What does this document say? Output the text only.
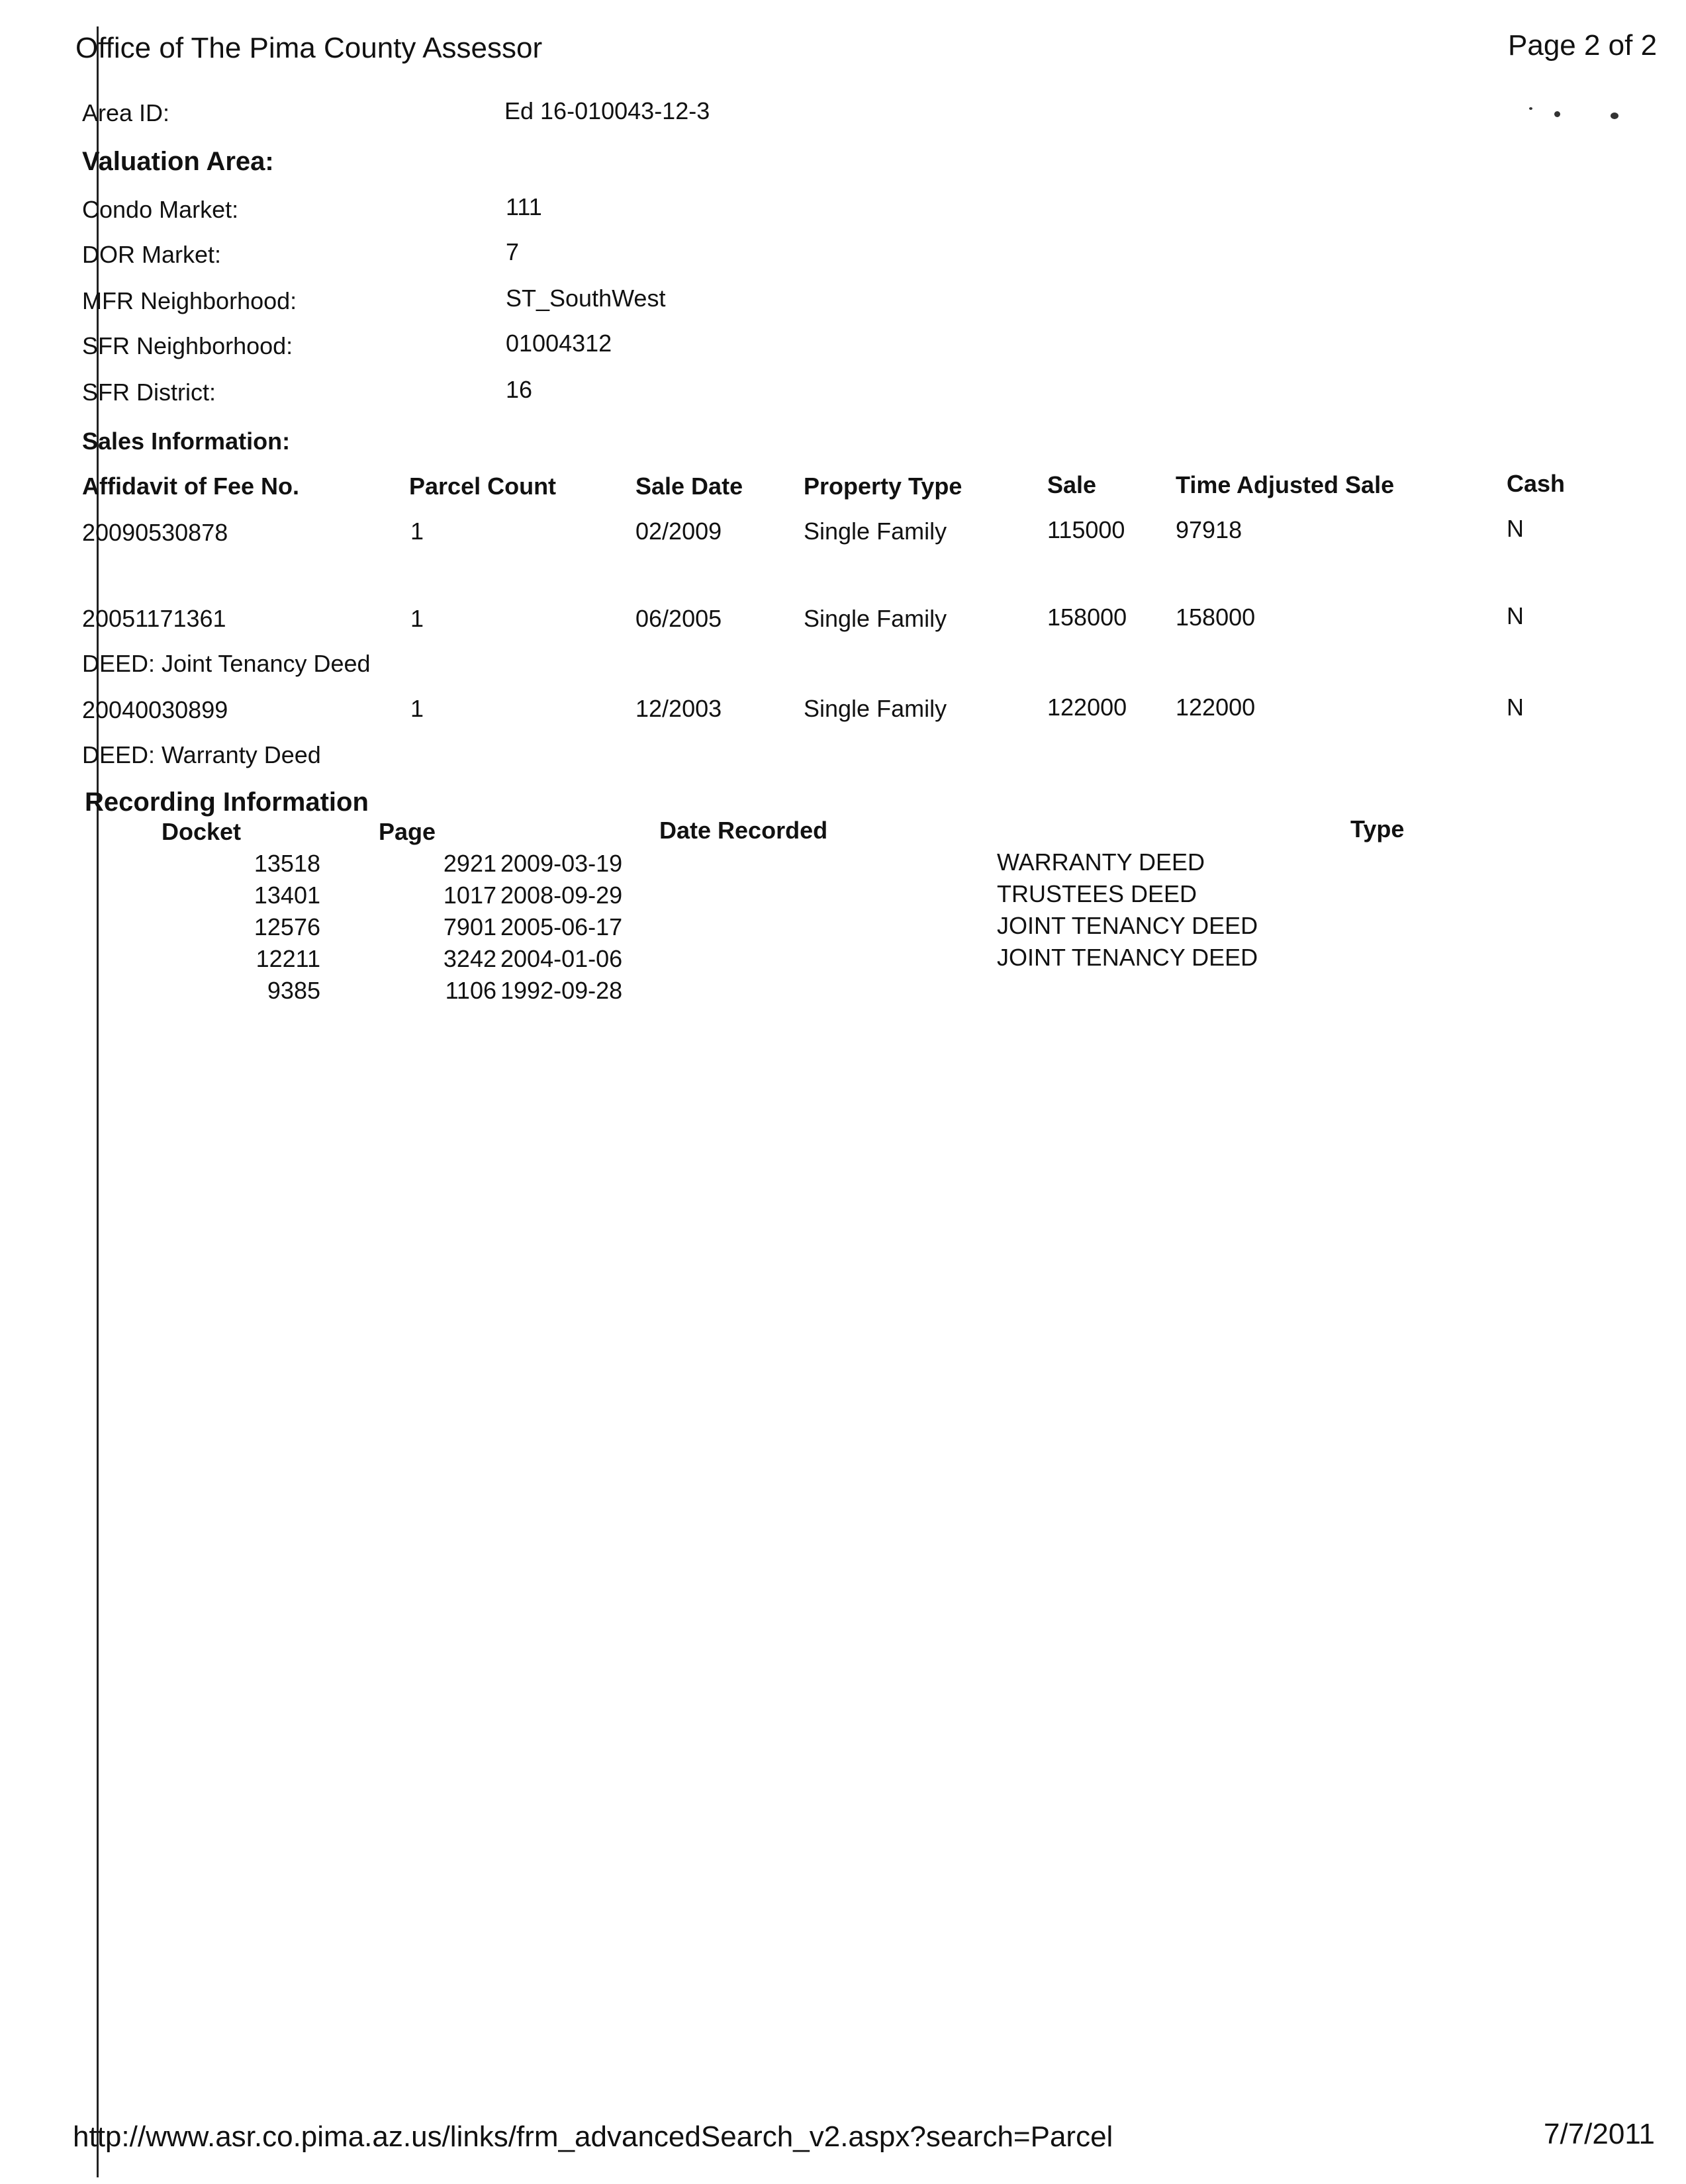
Office of The Pima County Assessor	Page 2 of 2
Area ID:	Ed 16-010043-12-3
Valuation Area:
Condo Market:	111
DOR Market:	7
MFR Neighborhood:	ST_SouthWest
SFR Neighborhood:	01004312
SFR District:	16
Sales Information:
Affidavit of Fee No.	Parcel Count	Sale Date	Property Type	Sale	Time Adjusted Sale	Cash
20090530878	1	02/2009	Single Family	115000 97918	N
20051171361	1	06/2005	Single Family	158000 158000	N
DEED: Joint Tenancy Deed
20040030899	1	12/2003	Single Family	122000 122000	N
DEED: Warranty Deed
Recording Information
Docket	Page	Date Recorded	Type
13518	2921 2009-03-19	WARRANTY DEED
13401	1017 2008-09-29	TRUSTEES DEED
12576	7901 2005-06-17	JOINT TENANCY DEED
12211	3242 2004-01-06	JOINT TENANCY DEED
9385	1106 1992-09-28
http://www.asr.co.pima.az.us/links/frm_advancedSearch_v2.aspx?search=Parcel	7/7/2011
